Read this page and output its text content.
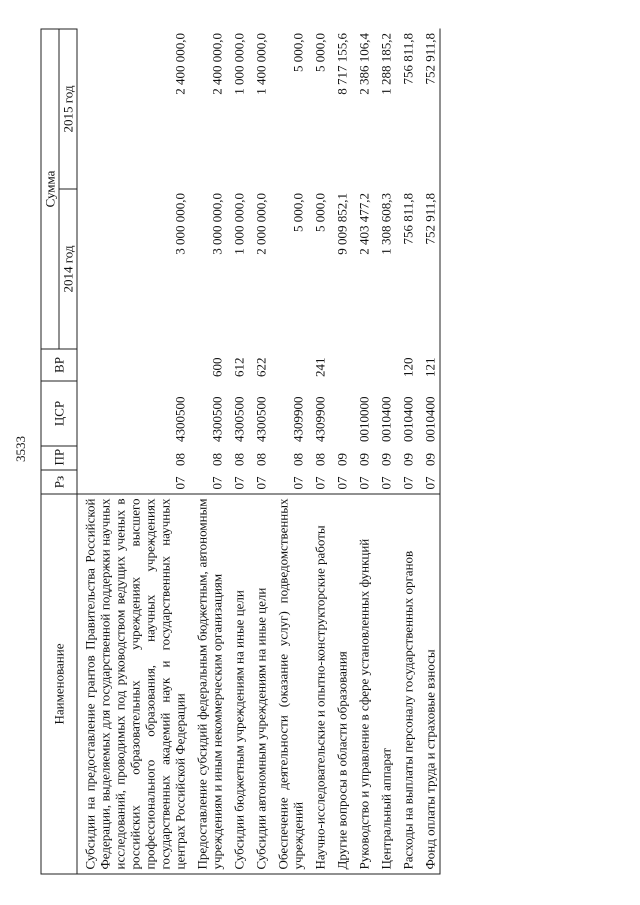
3533
Наименование	Рз	ПР	ЦСР	ВР	Сумма	
					2014 год	2015 год
Субсидии на предоставление грантов Правительства Российской Федерации, выделяемых для государственной поддержки научных исследований, проводимых под руководством ведущих ученых в российских образовательных учреждениях высшего профессионального образования, научных учреждениях государственных академий наук и государственных научных центрах Российской Федерации	07	08	4300500		3 000 000,0	2 400 000,0
Предоставление субсидий федеральным бюджетным, автономным учреждениям и иным некоммерческим организациям	07	08	4300500	600	3 000 000,0	2 400 000,0
Субсидии бюджетным учреждениям на иные цели	07	08	4300500	612	1 000 000,0	1 000 000,0
Субсидии автономным учреждениям на иные цели	07	08	4300500	622	2 000 000,0	1 400 000,0
Обеспечение деятельности (оказание услуг) подведомственных учреждений	07	08	4309900		5 000,0	5 000,0
Научно-исследовательские и опытно-конструкторские работы	07	08	4309900	241	5 000,0	5 000,0
Другие вопросы в области образования	07	09			9 009 852,1	8 717 155,6
Руководство и управление в сфере установленных функций	07	09	0010000		2 403 477,2	2 386 106,4
Центральный аппарат	07	09	0010400		1 308 608,3	1 288 185,2
Расходы на выплаты персоналу государственных органов	07	09	0010400	120	756 811,8	756 811,8
Фонд оплаты труда и страховые взносы	07	09	0010400	121	752 911,8	752 911,8
